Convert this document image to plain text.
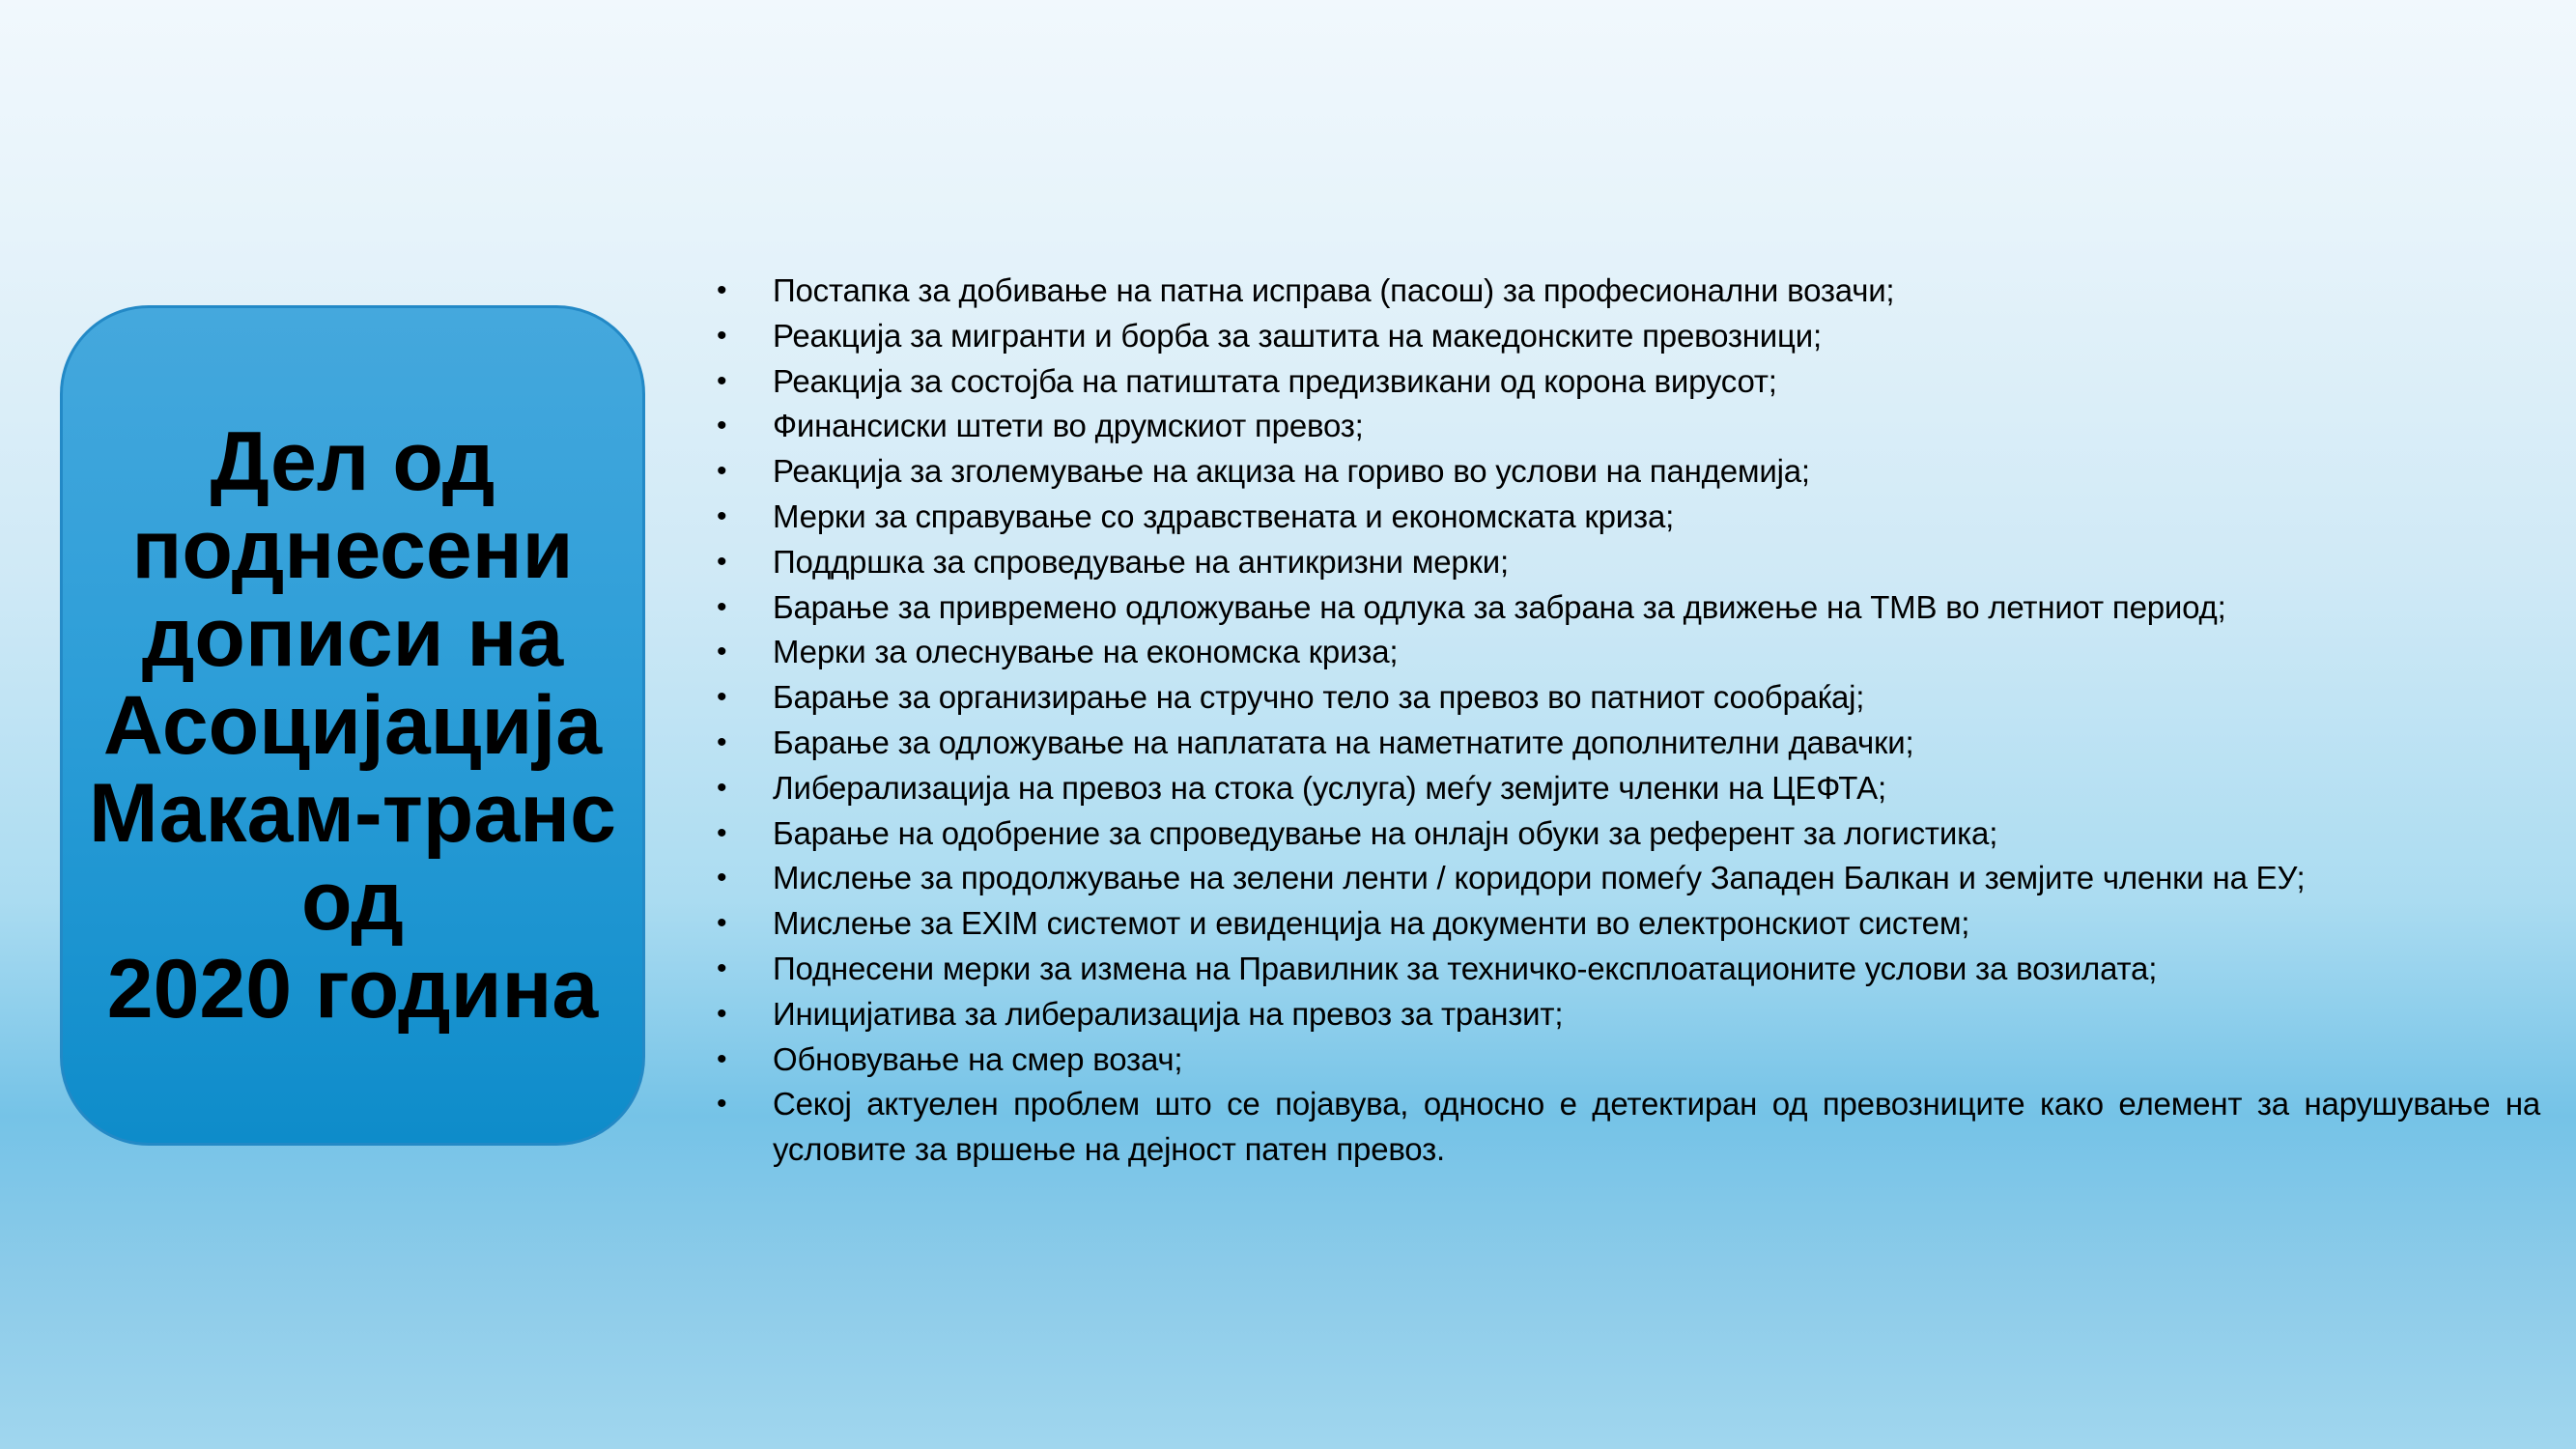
Дел од
поднесени
дописи на
Асоцијација
Макам-транс
од
2020 година
• Постапка за добивање на патна исправа (пасош) за професионални возачи;
• Реакција за мигранти и борба за заштита на македонските превозници;
• Реакција за состојба на патиштата предизвикани од корона вирусот;
• Финансиски штети во друмскиот превоз;
• Реакција за зголемување на акциза на гориво во услови на пандемија;
• Мерки за справување со здравствената и економската криза;
• Поддршка за спроведување на антикризни мерки;
• Барање за привремено одложување на одлука за забрана за движење на ТМВ во летниот период;
• Мерки за олеснување на економска криза;
• Барање за организирање на стручно тело за превоз во патниот сообраќај;
• Барање за одложување на наплатата на наметнатите дополнителни давачки;
• Либерализација на превоз на стока (услуга) меѓу земјите членки на ЦЕФТА;
• Барање на одобрение за спроведување на онлајн обуки за референт за логистика;
• Мислење за продолжување на зелени ленти / коридори помеѓу Западен Балкан и земјите членки на ЕУ;
• Мислење за EXIM системот и евиденција на документи во електронскиот систем;
• Поднесени мерки за измена на Правилник за техничко-експлоатационите услови за возилата;
• Иницијатива за либерализација на превоз за транзит;
• Обновување на смер возач;
• Секој актуелен проблем што се појавува, односно е детектиран од превозниците како елемент за нарушување на условите за вршење на дејност патен превоз.
